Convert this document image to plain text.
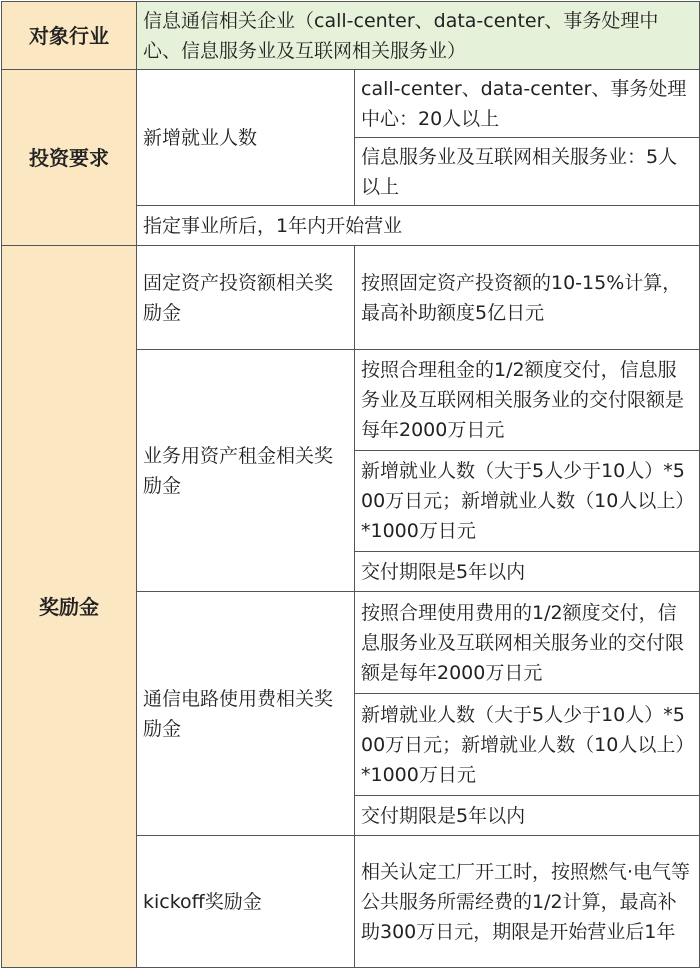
对象行业	信息通信相关企业（call-center、data-center、事务处理中心、信息服务业及互联网相关服务业）	
投资要求	新增就业人数	call-center、data-center、事务处理中心：20人以上
		信息服务业及互联网相关服务业：5人以上
	指定事业所后，1年内开始营业	
奖励金	固定资产投资额相关奖励金	按照固定资产投资额的10-15%计算，最高补助额度5亿日元
	业务用资产租金相关奖励金	按照合理租金的1/2额度交付，信息服务业及互联网相关服务业的交付限额是每年2000万日元
		新增就业人数（大于5人少于10人）*500万日元；新增就业人数（10人以上）*1000万日元
		交付期限是5年以内
	通信电路使用费相关奖励金	按照合理使用费用的1/2额度交付，信息服务业及互联网相关服务业的交付限额是每年2000万日元
		新增就业人数（大于5人少于10人）*500万日元；新增就业人数（10人以上）*1000万日元
		交付期限是5年以内
	kickoff奖励金	相关认定工厂开工时，按照燃气·电气等公共服务所需经费的1/2计算，最高补助300万日元，期限是开始营业后1年
